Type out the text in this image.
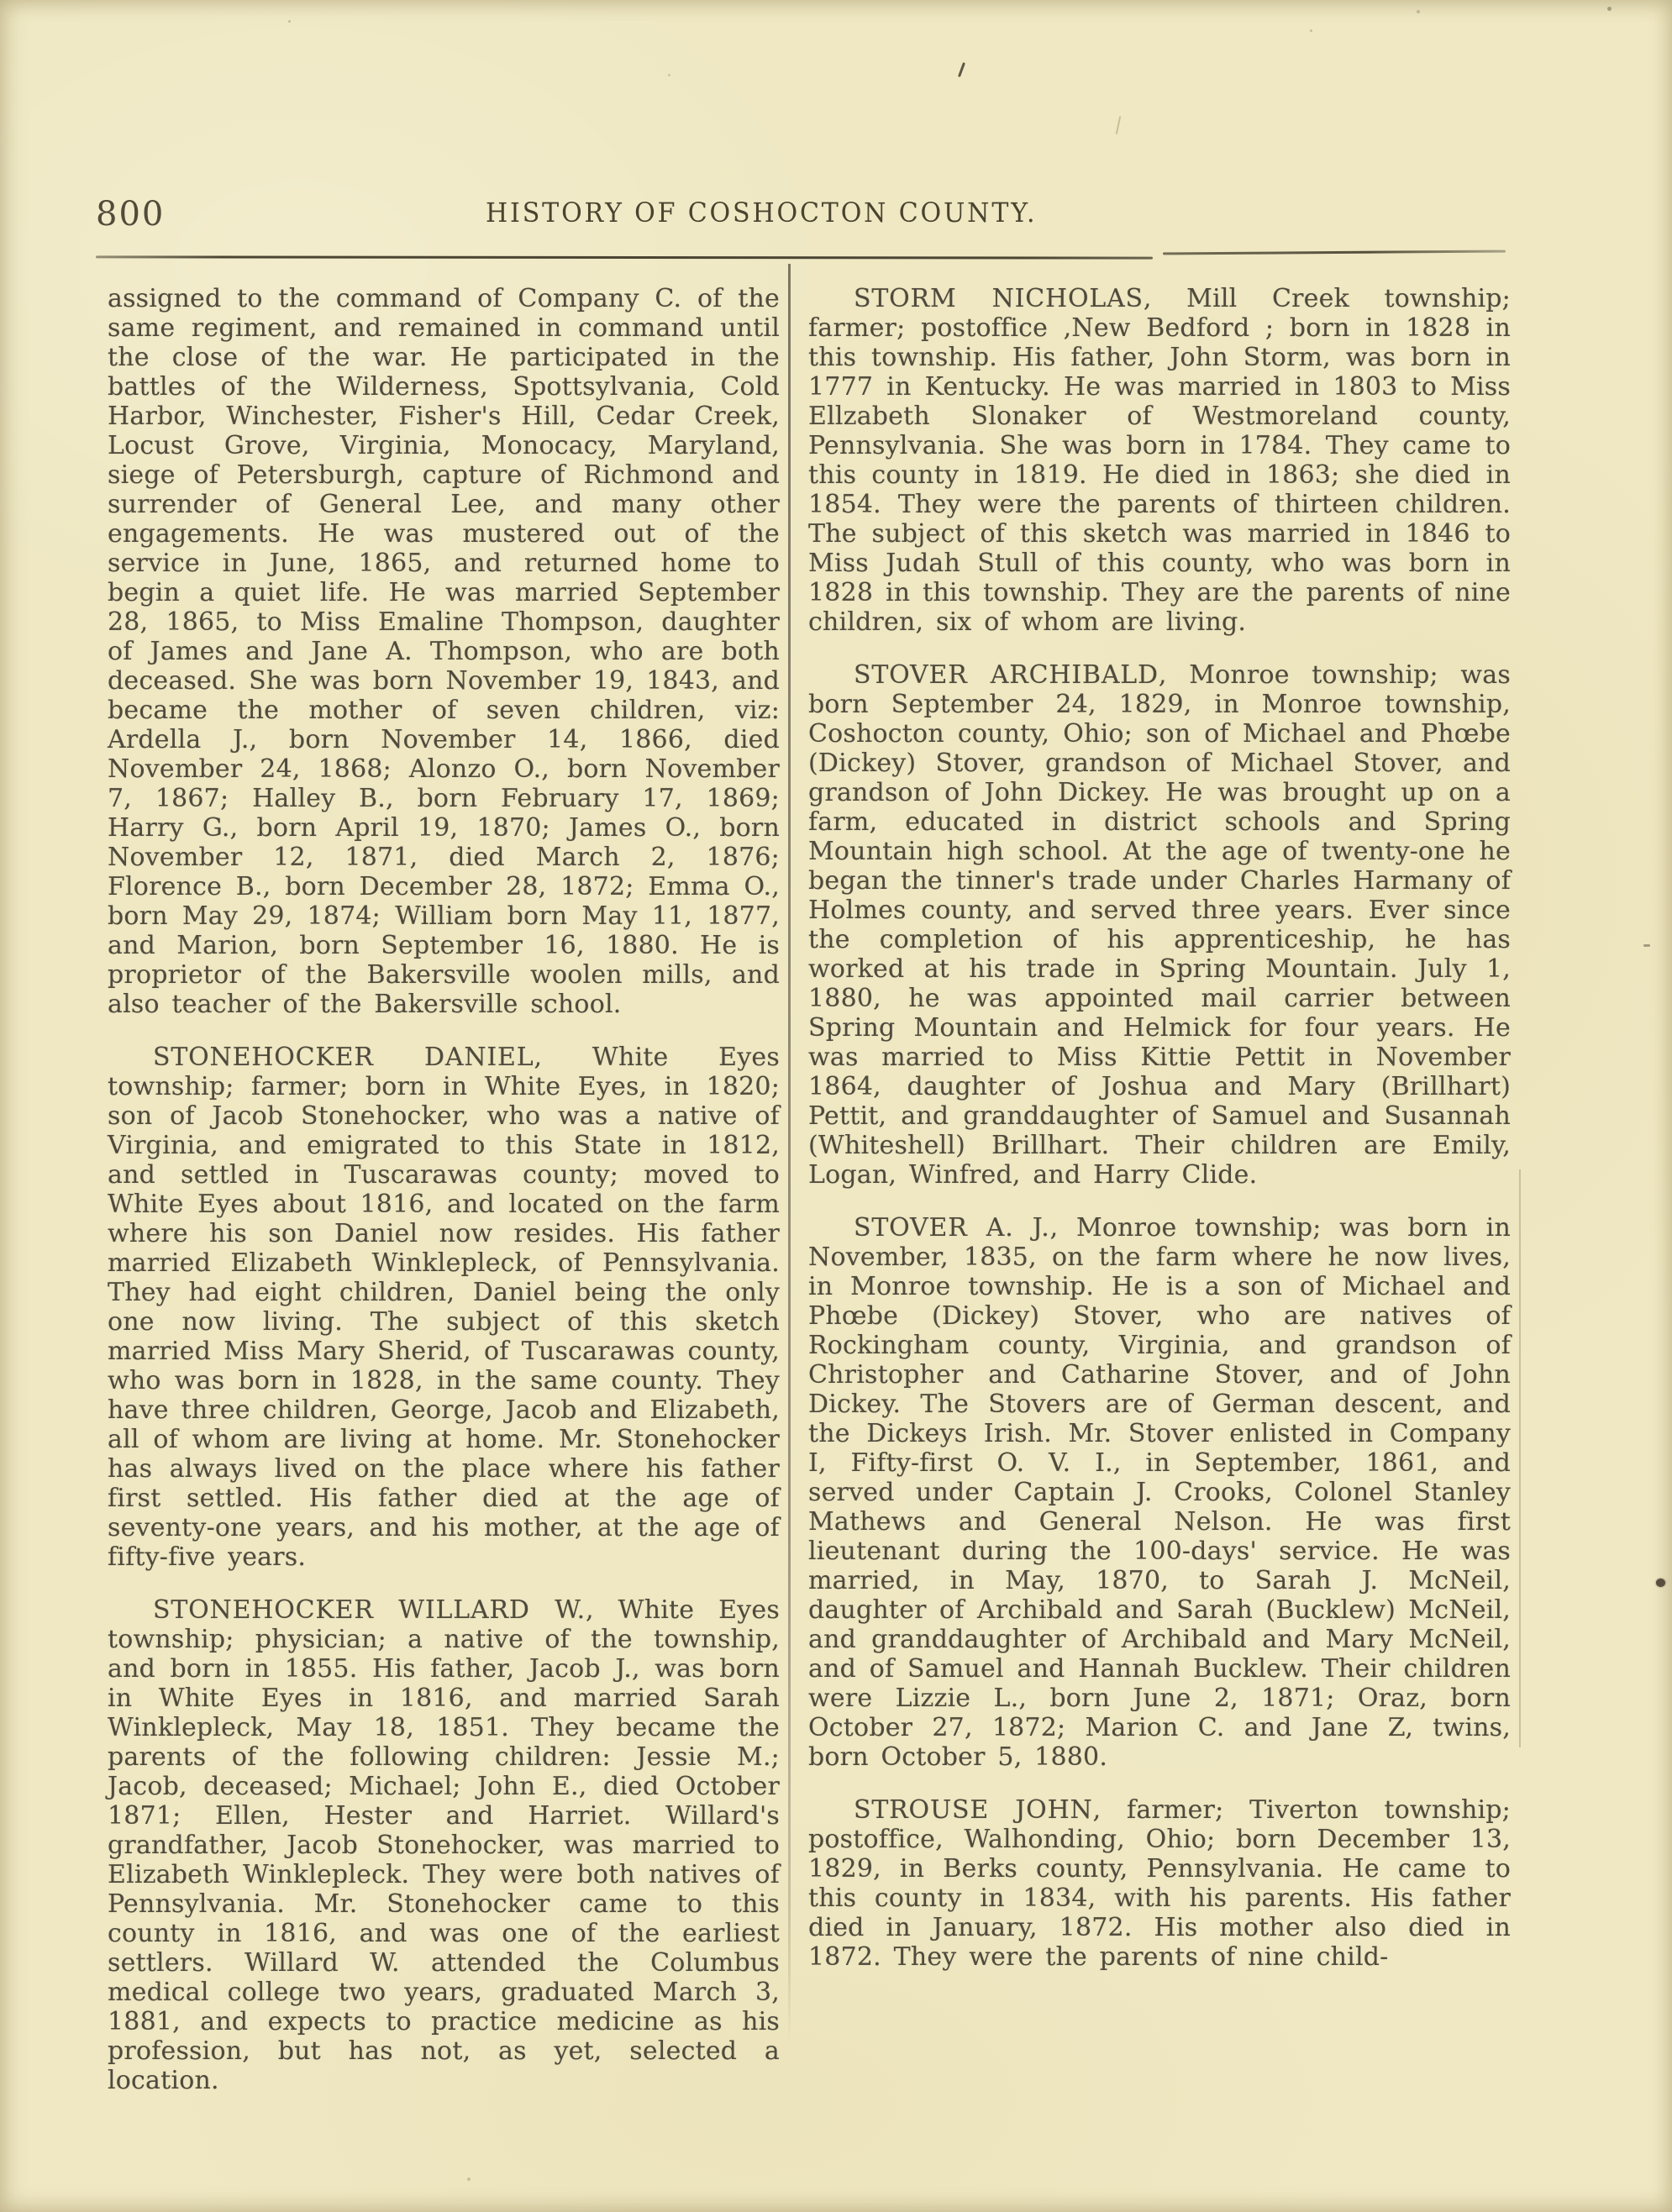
800	HISTORY OF COSHOCTON COUNTY.

assigned to the command of Company C. of the same regiment, and remained in command until the close of the war. He participated in the battles of the Wilderness, Spottsylvania, Cold Harbor, Winchester, Fisher's Hill, Cedar Creek, Locust Grove, Virginia, Monocacy, Maryland, siege of Petersburgh, capture of Richmond and surrender of General Lee, and many other engagements. He was mustered out of the service in June, 1865, and returned home to begin a quiet life. He was married September 28, 1865, to Miss Emaline Thompson, daughter of James and Jane A. Thompson, who are both deceased. She was born November 19, 1843, and became the mother of seven children, viz: Ardella J., born November 14, 1866, died November 24, 1868; Alonzo O., born November 7, 1867; Halley B., born February 17, 1869; Harry G., born April 19, 1870; James O., born November 12, 1871, died March 2, 1876; Florence B., born December 28, 1872; Emma O., born May 29, 1874; William born May 11, 1877, and Marion, born September 16, 1880. He is proprietor of the Bakersville woolen mills, and also teacher of the Bakersville school.

STONEHOCKER DANIEL, White Eyes township; farmer; born in White Eyes, in 1820; son of Jacob Stonehocker, who was a native of Virginia, and emigrated to this State in 1812, and settled in Tuscarawas county; moved to White Eyes about 1816, and located on the farm where his son Daniel now resides. His father married Elizabeth Winklepleck, of Pennsylvania. They had eight children, Daniel being the only one now living. The subject of this sketch married Miss Mary Sherid, of Tuscarawas county, who was born in 1828, in the same county. They have three children, George, Jacob and Elizabeth, all of whom are living at home. Mr. Stonehocker has always lived on the place where his father first settled. His father died at the age of seventy-one years, and his mother, at the age of fifty-five years.

STONEHOCKER WILLARD W., White Eyes township; physician; a native of the township, and born in 1855. His father, Jacob J., was born in White Eyes in 1816, and married Sarah Winklepleck, May 18, 1851. They became the parents of the following children: Jessie M.; Jacob, deceased; Michael; John E., died October 1871; Ellen, Hester and Harriet. Willard's grandfather, Jacob Stonehocker, was married to Elizabeth Winklepleck. They were both natives of Pennsylvania. Mr. Stonehocker came to this county in 1816, and was one of the earliest settlers. Willard W. attended the Columbus medical college two years, graduated March 3, 1881, and expects to practice medicine as his profession, but has not, as yet, selected a location.

STORM NICHOLAS, Mill Creek township; farmer; postoffice ,New Bedford ; born in 1828 in this township. His father, John Storm, was born in 1777 in Kentucky. He was married in 1803 to Miss Ellzabeth Slonaker of Westmoreland county, Pennsylvania. She was born in 1784. They came to this county in 1819. He died in 1863; she died in 1854. They were the parents of thirteen children. The subject of this sketch was married in 1846 to Miss Judah Stull of this county, who was born in 1828 in this township. They are the parents of nine children, six of whom are living.

STOVER ARCHIBALD, Monroe township; was born September 24, 1829, in Monroe township, Coshocton county, Ohio; son of Michael and Phœbe (Dickey) Stover, grandson of Michael Stover, and grandson of John Dickey. He was brought up on a farm, educated in district schools and Spring Mountain high school. At the age of twenty-one he began the tinner's trade under Charles Harmany of Holmes county, and served three years. Ever since the completion of his apprenticeship, he has worked at his trade in Spring Mountain. July 1, 1880, he was appointed mail carrier between Spring Mountain and Helmick for four years. He was married to Miss Kittie Pettit in November 1864, daughter of Joshua and Mary (Brillhart) Pettit, and granddaughter of Samuel and Susannah (Whiteshell) Brillhart. Their children are Emily, Logan, Winfred, and Harry Clide.

STOVER A. J., Monroe township; was born in November, 1835, on the farm where he now lives, in Monroe township. He is a son of Michael and Phœbe (Dickey) Stover, who are natives of Rockingham county, Virginia, and grandson of Christopher and Catharine Stover, and of John Dickey. The Stovers are of German descent, and the Dickeys Irish. Mr. Stover enlisted in Company I, Fifty-first O. V. I., in September, 1861, and served under Captain J. Crooks, Colonel Stanley Mathews and General Nelson. He was first lieutenant during the 100-days' service. He was married, in May, 1870, to Sarah J. McNeil, daughter of Archibald and Sarah (Bucklew) McNeil, and granddaughter of Archibald and Mary McNeil, and of Samuel and Hannah Bucklew. Their children were Lizzie L., born June 2, 1871; Oraz, born October 27, 1872; Marion C. and Jane Z, twins, born October 5, 1880.

STROUSE JOHN, farmer; Tiverton township; postoffice, Walhonding, Ohio; born December 13, 1829, in Berks county, Pennsylvania. He came to this county in 1834, with his parents. His father died in January, 1872. His mother also died in 1872. They were the parents of nine child-
